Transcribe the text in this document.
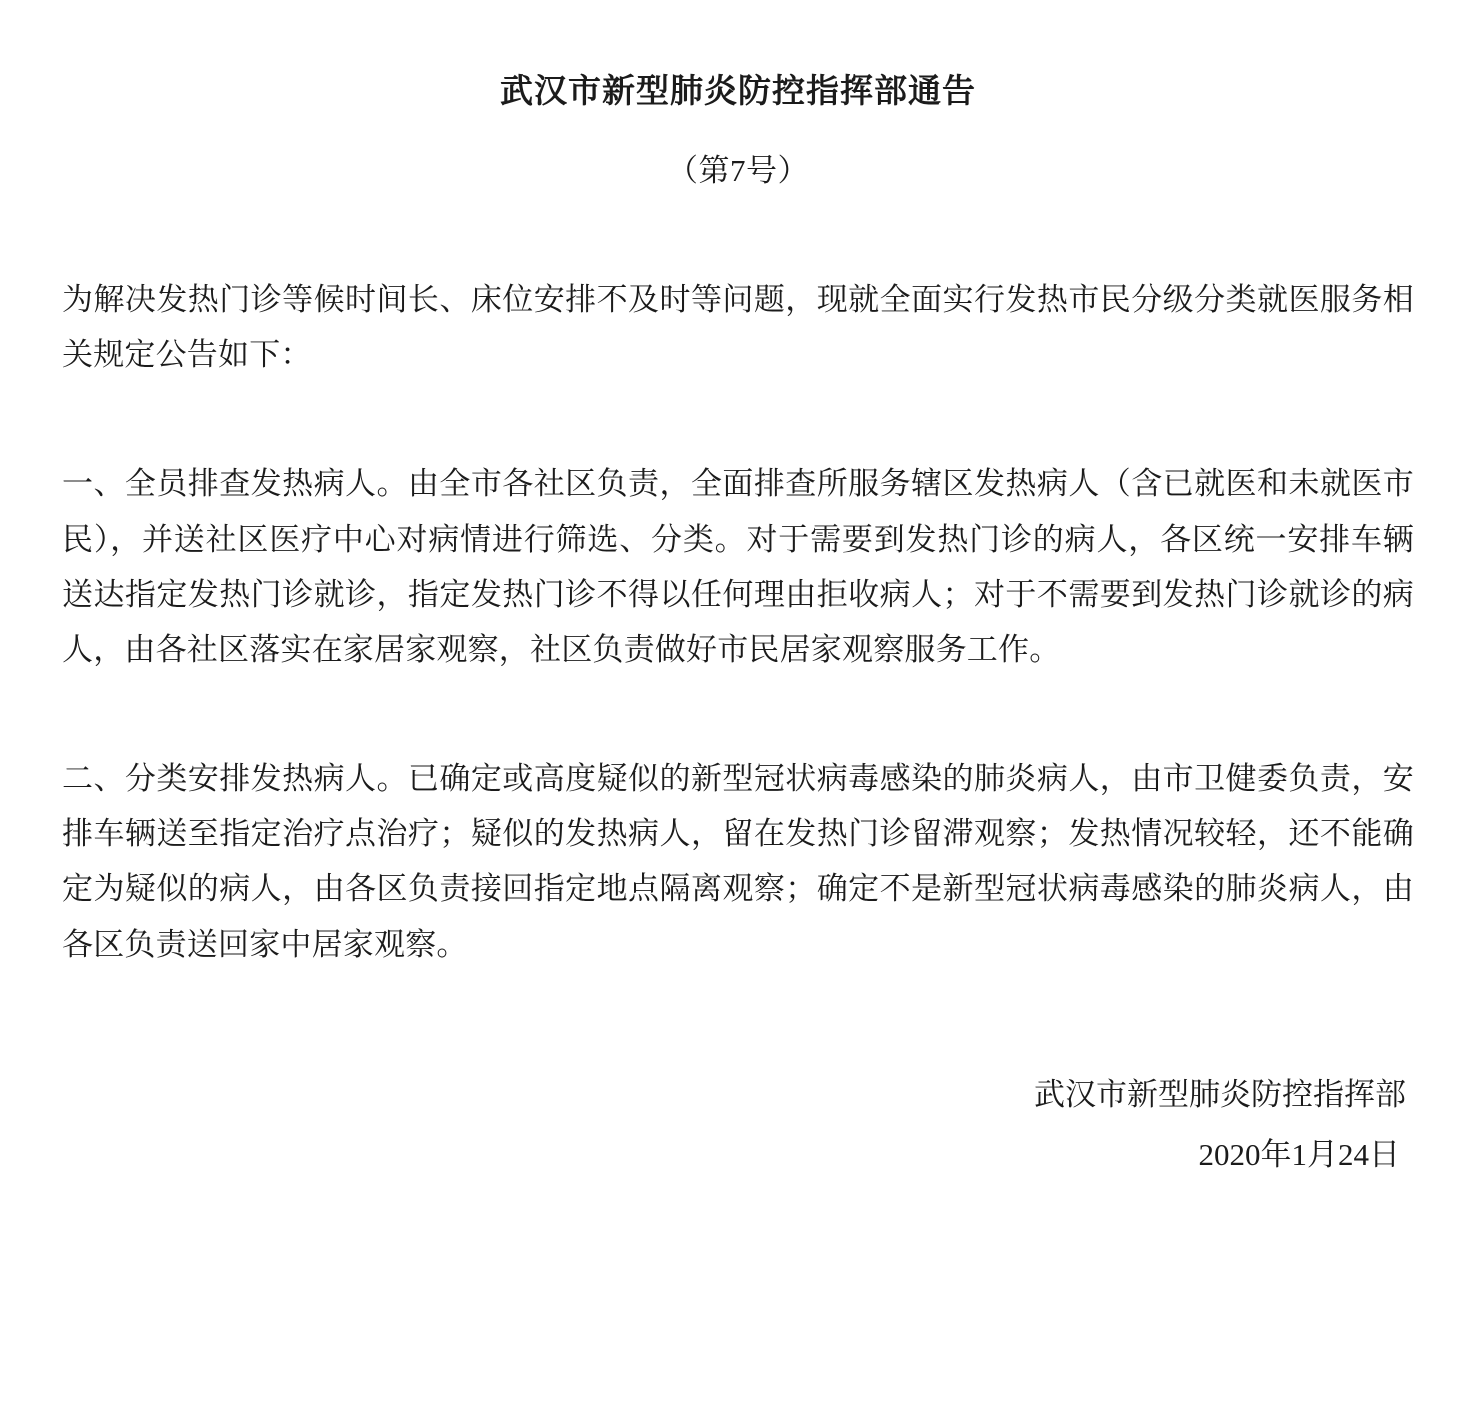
武汉市新型肺炎防控指挥部通告
（第7号）

为解决发热门诊等候时间长、床位安排不及时等问题，现就全面实行发热市民分级分类就医服务相关规定公告如下：

一、全员排查发热病人。由全市各社区负责，全面排查所服务辖区发热病人（含已就医和未就医市民），并送社区医疗中心对病情进行筛选、分类。对于需要到发热门诊的病人，各区统一安排车辆送达指定发热门诊就诊，指定发热门诊不得以任何理由拒收病人；对于不需要到发热门诊就诊的病人，由各社区落实在家居家观察，社区负责做好市民居家观察服务工作。

二、分类安排发热病人。已确定或高度疑似的新型冠状病毒感染的肺炎病人，由市卫健委负责，安排车辆送至指定治疗点治疗；疑似的发热病人，留在发热门诊留滞观察；发热情况较轻，还不能确定为疑似的病人，由各区负责接回指定地点隔离观察；确定不是新型冠状病毒感染的肺炎病人，由各区负责送回家中居家观察。

武汉市新型肺炎防控指挥部
2020年1月24日
